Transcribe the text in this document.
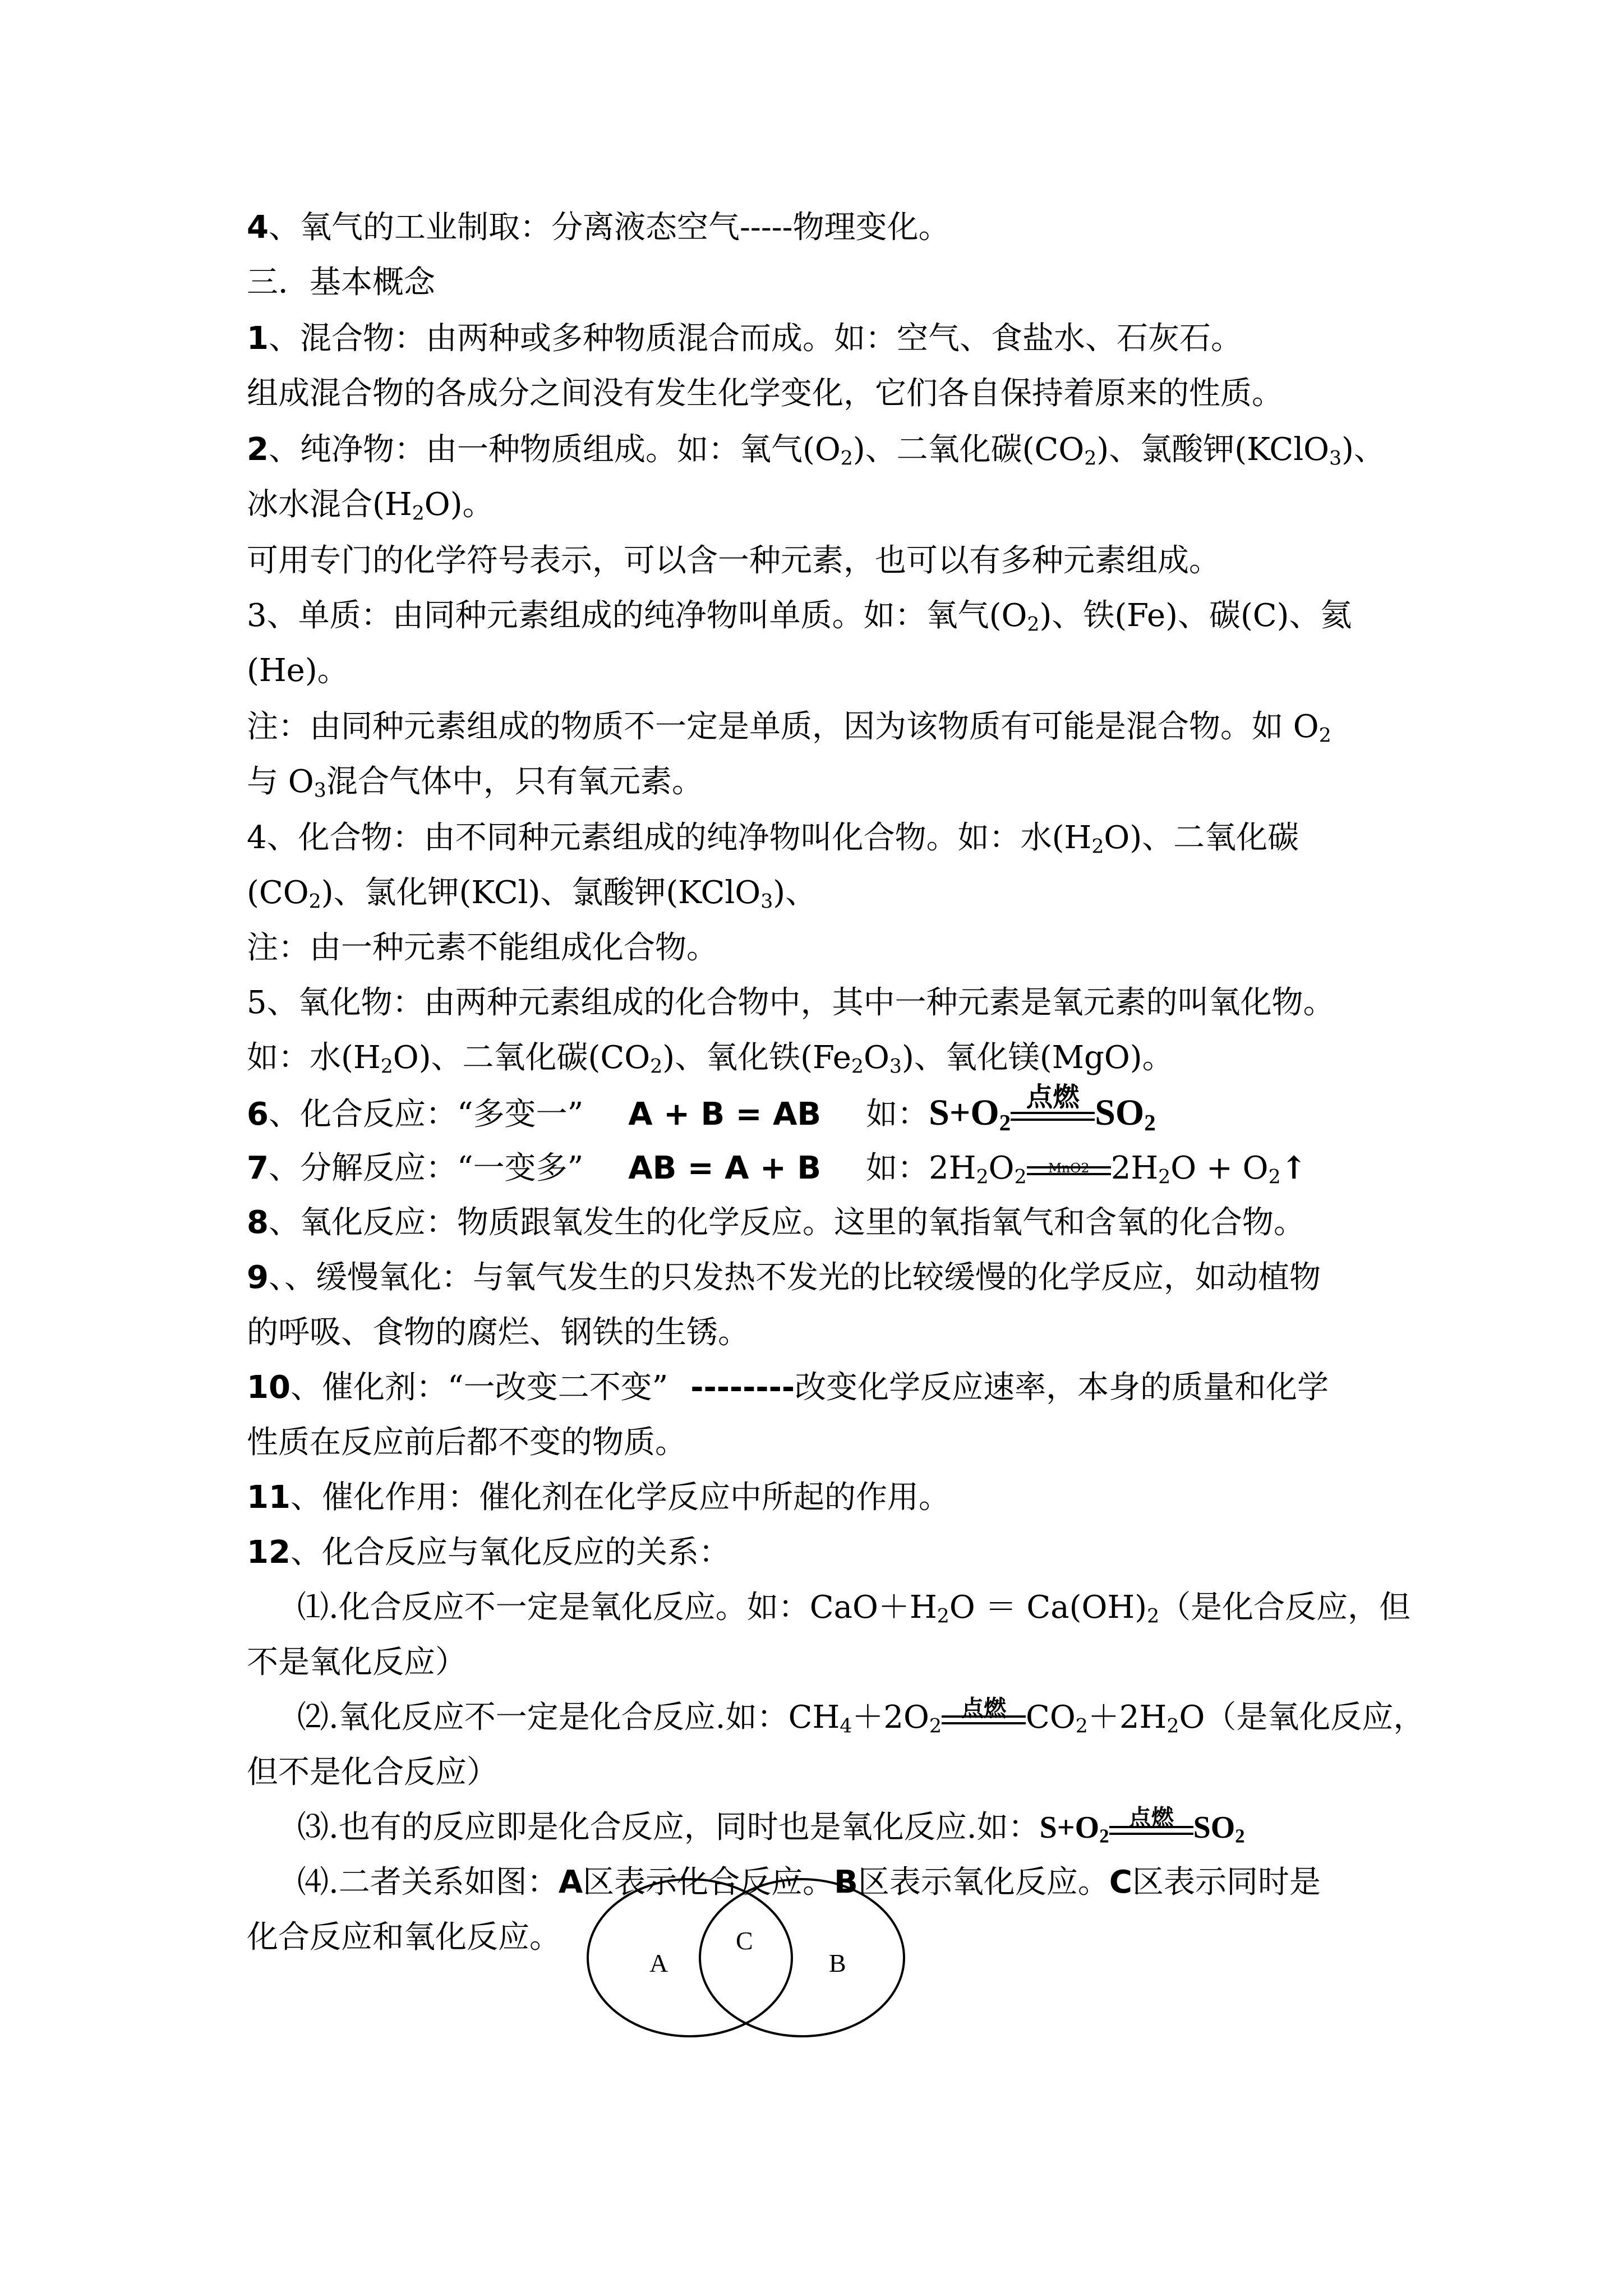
4、氧气的工业制取：分离液态空气-----物理变化。
三．基本概念
1、混合物：由两种或多种物质混合而成。如：空气、食盐水、石灰石。
组成混合物的各成分之间没有发生化学变化，它们各自保持着原来的性质。
2、纯净物：由一种物质组成。如：氧气$(O_2)$、二氧化碳$(CO_2)$、氯酸钾(KClO$_3$)、
冰水混合$(H_2O)$。
可用专门的化学符号表示，可以含一种元素，也可以有多种元素组成。
3、单质：由同种元素组成的纯净物叫单质。如：氧气$(O_2)$、铁(Fe)、碳(C)、氦
(He)。
注：由同种元素组成的物质不一定是单质，因为该物质有可能是混合物。如 $O_2$
与 $O_3$混合气体中，只有氧元素。
4、化合物：由不同种元素组成的纯净物叫化合物。如：水$(H_2O)$、二氧化碳
$(CO_2)$、氯化钾(KCl)、氯酸钾(KClO$_3$)、
注：由一种元素不能组成化合物。
5、氧化物：由两种元素组成的化合物中，其中一种元素是氧元素的叫氧化物。
如：水$(H_2O)$、二氧化碳$(CO_2)$、氧化铁$(Fe_2O_3)$、氧化镁(MgO)。
6、化合反应：“多变一” A + B = AB 如：$S+O_2$
点燃 $SO_2$
7、分解反应：“一变多” AB = A + B 如：$2H_2O_2$	MnO2 $2H_2O$ + $O_2↑$
8、氧化反应：物质跟氧发生的化学反应。这里的氧指氧气和含氧的化合物。
9、、缓慢氧化：与氧气发生的只发热不发光的比较缓慢的化学反应，如动植物
的呼吸、食物的腐烂、钢铁的生锈。
10、催化剂：“一改变二不变” --------改变化学反应速率，本身的质量和化学
性质在反应前后都不变的物质。
11、催化作用：催化剂在化学反应中所起的作用。
12、化合反应与氧化反应的关系：
⑴.化合反应不一定是氧化反应。如：$CaO+H_2O = Ca(OH)_2$（是化合反应，但
不是氧化反应）
⑵.氧化反应不一定是化合反应.如：$CH_4+2O_2$
点燃 $CO_2+2H_2O$（是氧化反应，
但不是化合反应）
⑶.也有的反应即是化合反应，同时也是氧化反应.如：$S+O_2$
点燃 $SO_2$
⑷.二者关系如图：A区表示化合反应。B区表示氧化反应。C区表示同时是
化合反应和氧化反应。
A
C
B
